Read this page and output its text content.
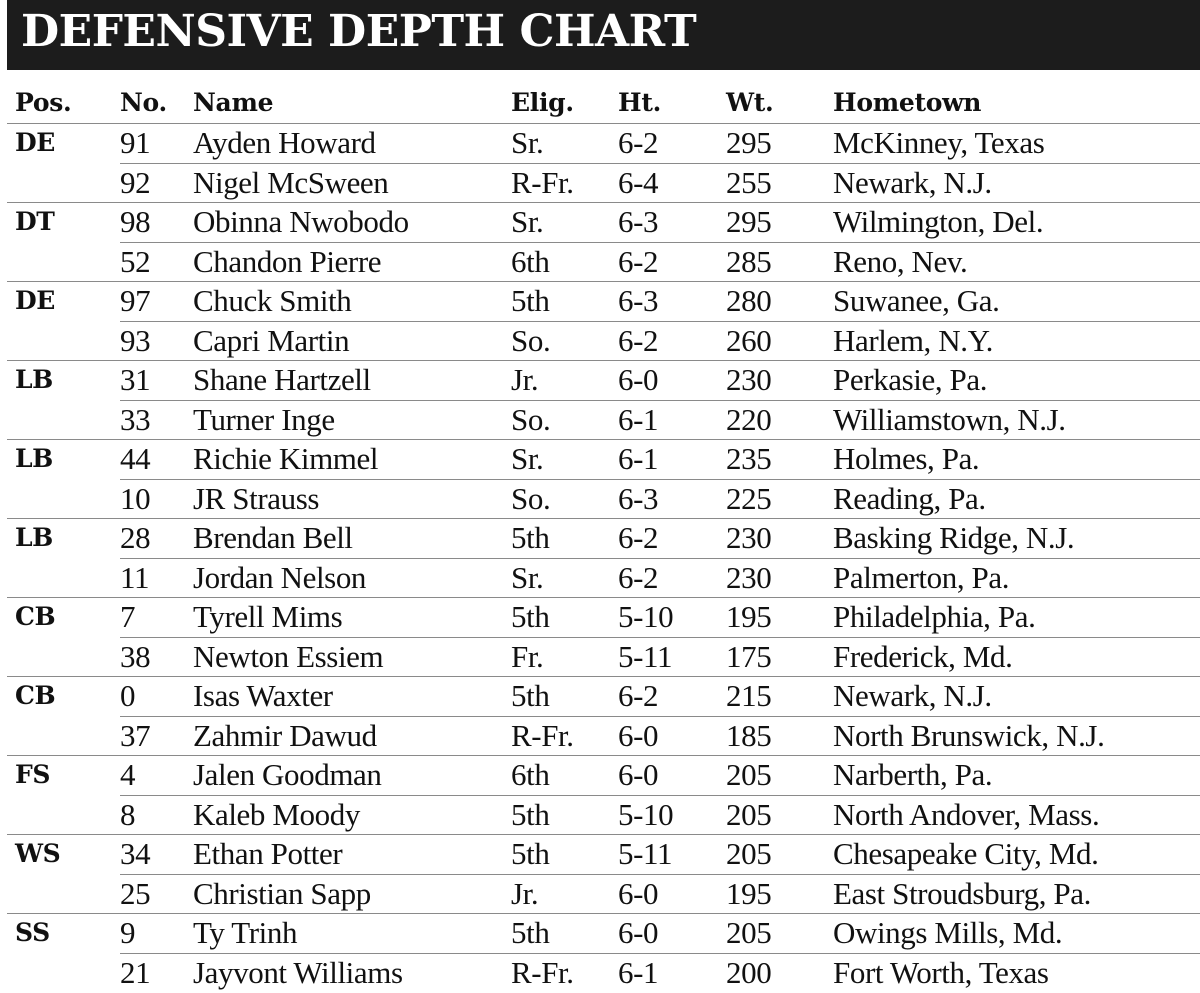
DEFENSIVE DEPTH CHART
Pos. No. Name	Elig. Ht.	Wt. Hometown
DE 91 Ayden Howard	Sr. 6-2 295 McKinney, Texas
92 Nigel McSween	R-Fr. 6-4 255 Newark, N.J.
DT 98 Obinna Nwobodo	Sr. 6-3 295 Wilmington, Del.
52 Chandon Pierre	6th 6-2 285 Reno, Nev.
DE 97 Chuck Smith	5th 6-3 280 Suwanee, Ga.
93 Capri Martin	So. 6-2 260 Harlem, N.Y.
LB 31 Shane Hartzell	Jr.	6-0 230 Perkasie, Pa.
33 Turner Inge	So. 6-1 220 Williamstown, N.J.
LB 44 Richie Kimmel	Sr. 6-1 235 Holmes, Pa.
10 JR Strauss	So. 6-3 225 Reading, Pa.
LB 28 Brendan Bell	5th 6-2 230 Basking Ridge, N.J.
11 Jordan Nelson	Sr. 6-2 230 Palmerton, Pa.
CB 7 Tyrell Mims	5th 5-10 195 Philadelphia, Pa.
38 Newton Essiem	Fr. 5-11 175 Frederick, Md.
CB 0 Isas Waxter	5th 6-2 215 Newark, N.J.
37 Zahmir Dawud	R-Fr. 6-0 185 North Brunswick, N.J.
FS 4 Jalen Goodman	6th 6-0 205 Narberth, Pa.
8 Kaleb Moody	5th 5-10 205 North Andover, Mass.
WS 34 Ethan Potter	5th 5-11 205 Chesapeake City, Md.
25 Christian Sapp	Jr.	6-0 195 East Stroudsburg, Pa.
SS 9 Ty Trinh	5th 6-0 205 Owings Mills, Md.
21 Jayvont Williams	R-Fr. 6-1 200 Fort Worth, Texas
